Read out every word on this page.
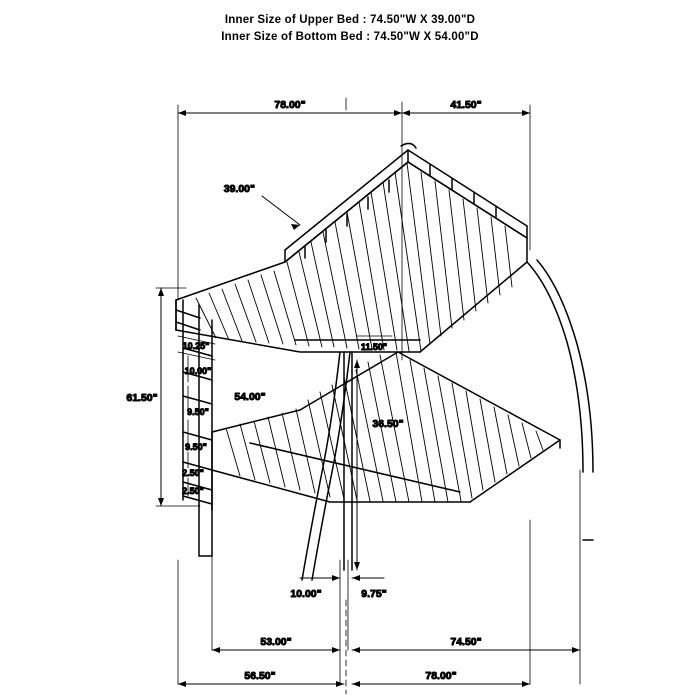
Inner Size of Upper Bed : 74.50"W X 39.00"D
Inner Size of Bottom Bed : 74.50"W X 54.00"D
78.00"	41.50"
61.50"
39.00"
10.25"
10.00"
9.50"
9.50"
2.50"
2.50"
54.00"
11.50"
36.50"
10.00"	9.75"
53.00"	74.50"
56.50"	78.00"
